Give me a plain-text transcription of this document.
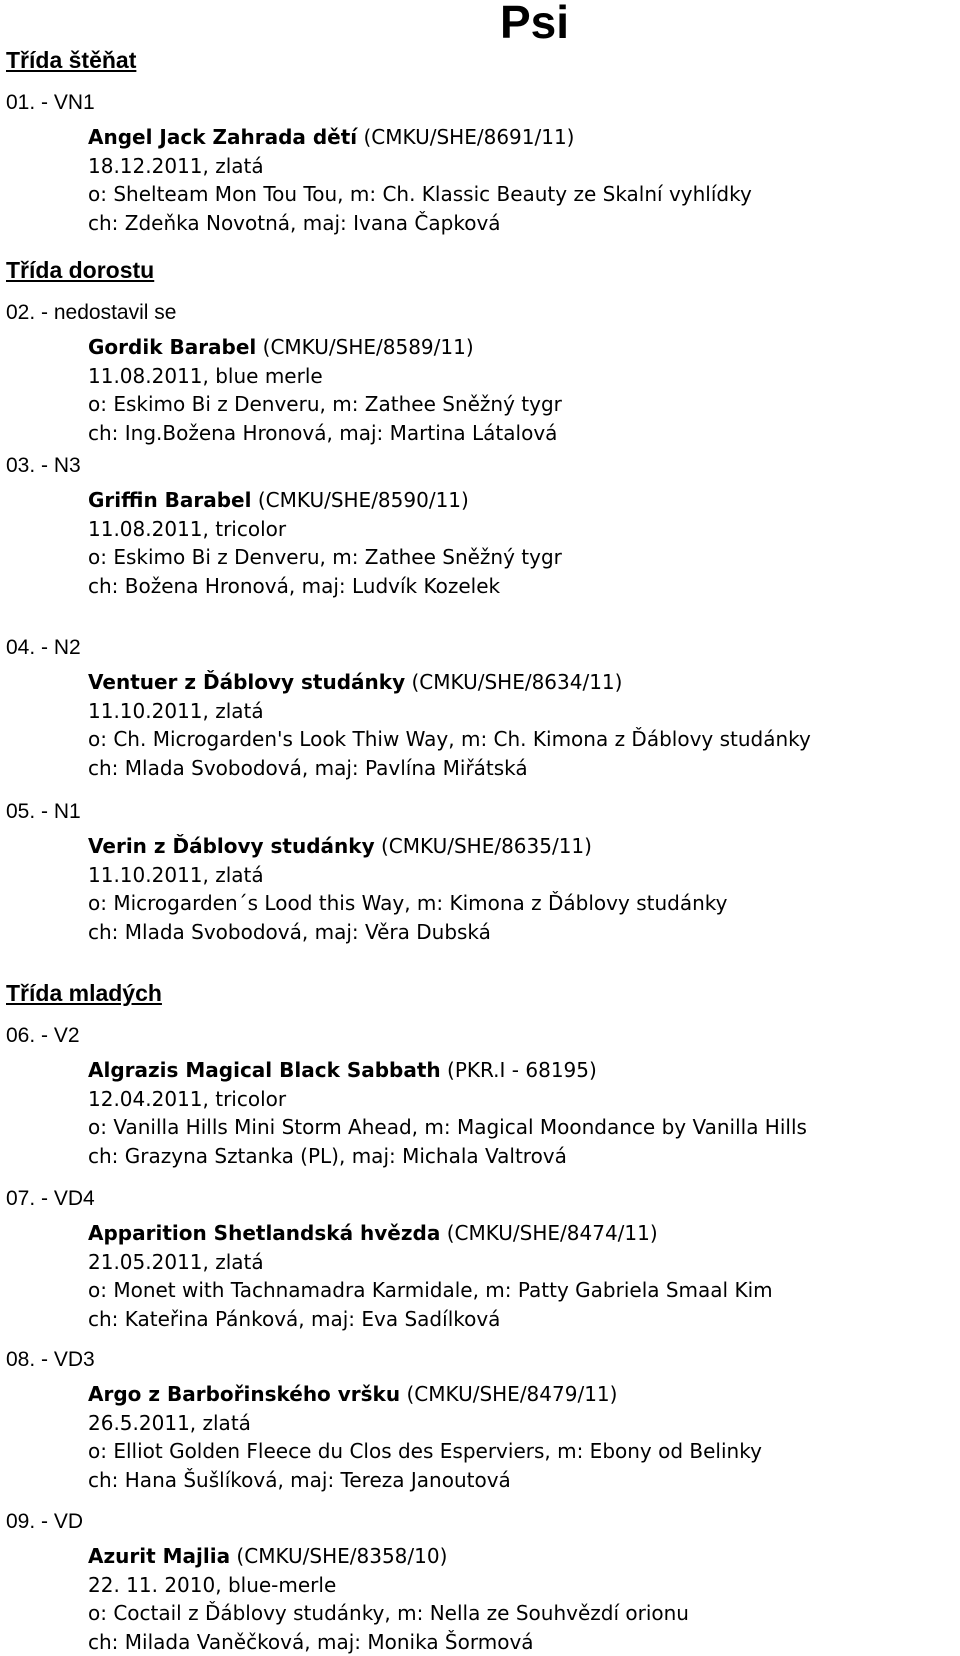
Psi
Třída štěňat
01. - VN1
Angel Jack Zahrada dětí (CMKU/SHE/8691/11)
18.12.2011, zlatá
o: Shelteam Mon Tou Tou, m: Ch. Klassic Beauty ze Skalní vyhlídky
ch: Zdeňka Novotná, maj: Ivana Čapková
Třída dorostu
02. - nedostavil se
Gordik Barabel (CMKU/SHE/8589/11)
11.08.2011, blue merle
o: Eskimo Bi z Denveru, m: Zathee Sněžný tygr
ch: Ing.Božena Hronová, maj: Martina Látalová
03. - N3
Griffin Barabel (CMKU/SHE/8590/11)
11.08.2011, tricolor
o: Eskimo Bi z Denveru, m: Zathee Sněžný tygr
ch: Božena Hronová, maj: Ludvík Kozelek
04. - N2
Ventuer z Ďáblovy studánky (CMKU/SHE/8634/11)
11.10.2011, zlatá
o: Ch. Microgarden's Look Thiw Way, m: Ch. Kimona z Ďáblovy studánky
ch: Mlada Svobodová, maj: Pavlína Miřátská
05. - N1
Verin z Ďáblovy studánky (CMKU/SHE/8635/11)
11.10.2011, zlatá
o: Microgarden´s Lood this Way, m: Kimona z Ďáblovy studánky
ch: Mlada Svobodová, maj: Věra Dubská
Třída mladých
06. - V2
Algrazis Magical Black Sabbath (PKR.I - 68195)
12.04.2011, tricolor
o: Vanilla Hills Mini Storm Ahead, m: Magical Moondance by Vanilla Hills
ch: Grazyna Sztanka (PL), maj: Michala Valtrová
07. - VD4
Apparition Shetlandská hvězda (CMKU/SHE/8474/11)
21.05.2011, zlatá
o: Monet with Tachnamadra Karmidale, m: Patty Gabriela Smaal Kim
ch: Kateřina Pánková, maj: Eva Sadílková
08. - VD3
Argo z Barbořinského vršku (CMKU/SHE/8479/11)
26.5.2011, zlatá
o: Elliot Golden Fleece du Clos des Esperviers, m: Ebony od Belinky
ch: Hana Šušlíková, maj: Tereza Janoutová
09. - VD
Azurit Majlia (CMKU/SHE/8358/10)
22. 11. 2010, blue-merle
o: Coctail z Ďáblovy studánky, m: Nella ze Souhvězdí orionu
ch: Milada Vaněčková, maj: Monika Šormová
